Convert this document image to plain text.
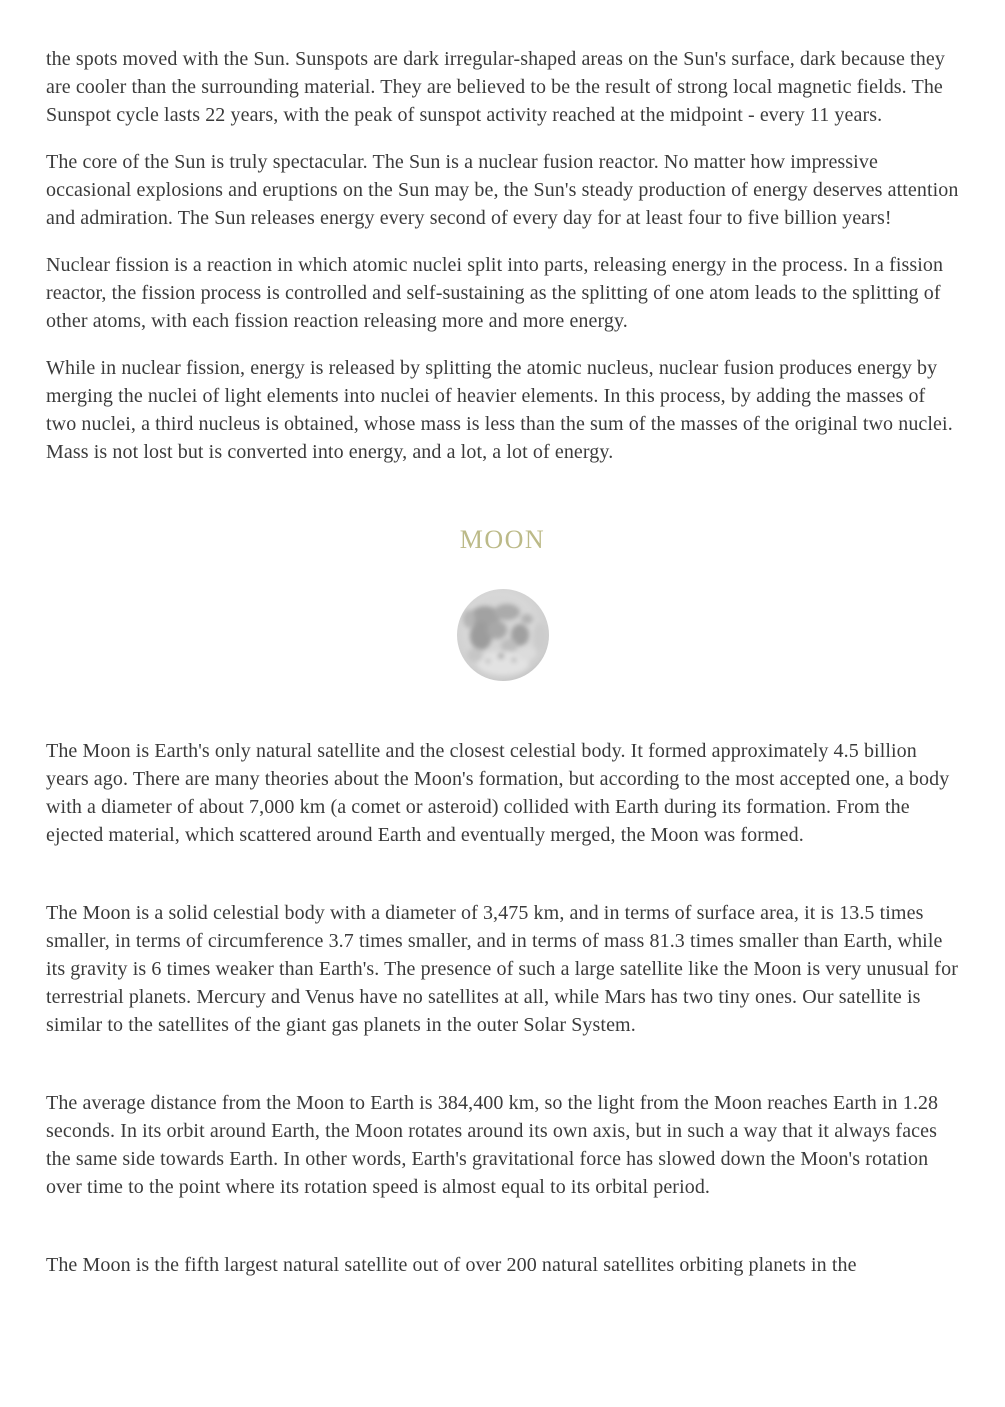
the spots moved with the Sun. Sunspots are dark irregular-shaped areas on the Sun's surface, dark because they are cooler than the surrounding material. They are believed to be the result of strong local magnetic fields. The Sunspot cycle lasts 22 years, with the peak of sunspot activity reached at the midpoint - every 11 years.

The core of the Sun is truly spectacular. The Sun is a nuclear fusion reactor. No matter how impressive occasional explosions and eruptions on the Sun may be, the Sun's steady production of energy deserves attention and admiration. The Sun releases energy every second of every day for at least four to five billion years!

Nuclear fission is a reaction in which atomic nuclei split into parts, releasing energy in the process. In a fission reactor, the fission process is controlled and self-sustaining as the splitting of one atom leads to the splitting of other atoms, with each fission reaction releasing more and more energy.

While in nuclear fission, energy is released by splitting the atomic nucleus, nuclear fusion produces energy by merging the nuclei of light elements into nuclei of heavier elements. In this process, by adding the masses of two nuclei, a third nucleus is obtained, whose mass is less than the sum of the masses of the original two nuclei. Mass is not lost but is converted into energy, and a lot, a lot of energy.

MOON

The Moon is Earth's only natural satellite and the closest celestial body. It formed approximately 4.5 billion years ago. There are many theories about the Moon's formation, but according to the most accepted one, a body with a diameter of about 7,000 km (a comet or asteroid) collided with Earth during its formation. From the ejected material, which scattered around Earth and eventually merged, the Moon was formed.

The Moon is a solid celestial body with a diameter of 3,475 km, and in terms of surface area, it is 13.5 times smaller, in terms of circumference 3.7 times smaller, and in terms of mass 81.3 times smaller than Earth, while its gravity is 6 times weaker than Earth's. The presence of such a large satellite like the Moon is very unusual for terrestrial planets. Mercury and Venus have no satellites at all, while Mars has two tiny ones. Our satellite is similar to the satellites of the giant gas planets in the outer Solar System.

The average distance from the Moon to Earth is 384,400 km, so the light from the Moon reaches Earth in 1.28 seconds. In its orbit around Earth, the Moon rotates around its own axis, but in such a way that it always faces the same side towards Earth. In other words, Earth's gravitational force has slowed down the Moon's rotation over time to the point where its rotation speed is almost equal to its orbital period.

The Moon is the fifth largest natural satellite out of over 200 natural satellites orbiting planets in the
